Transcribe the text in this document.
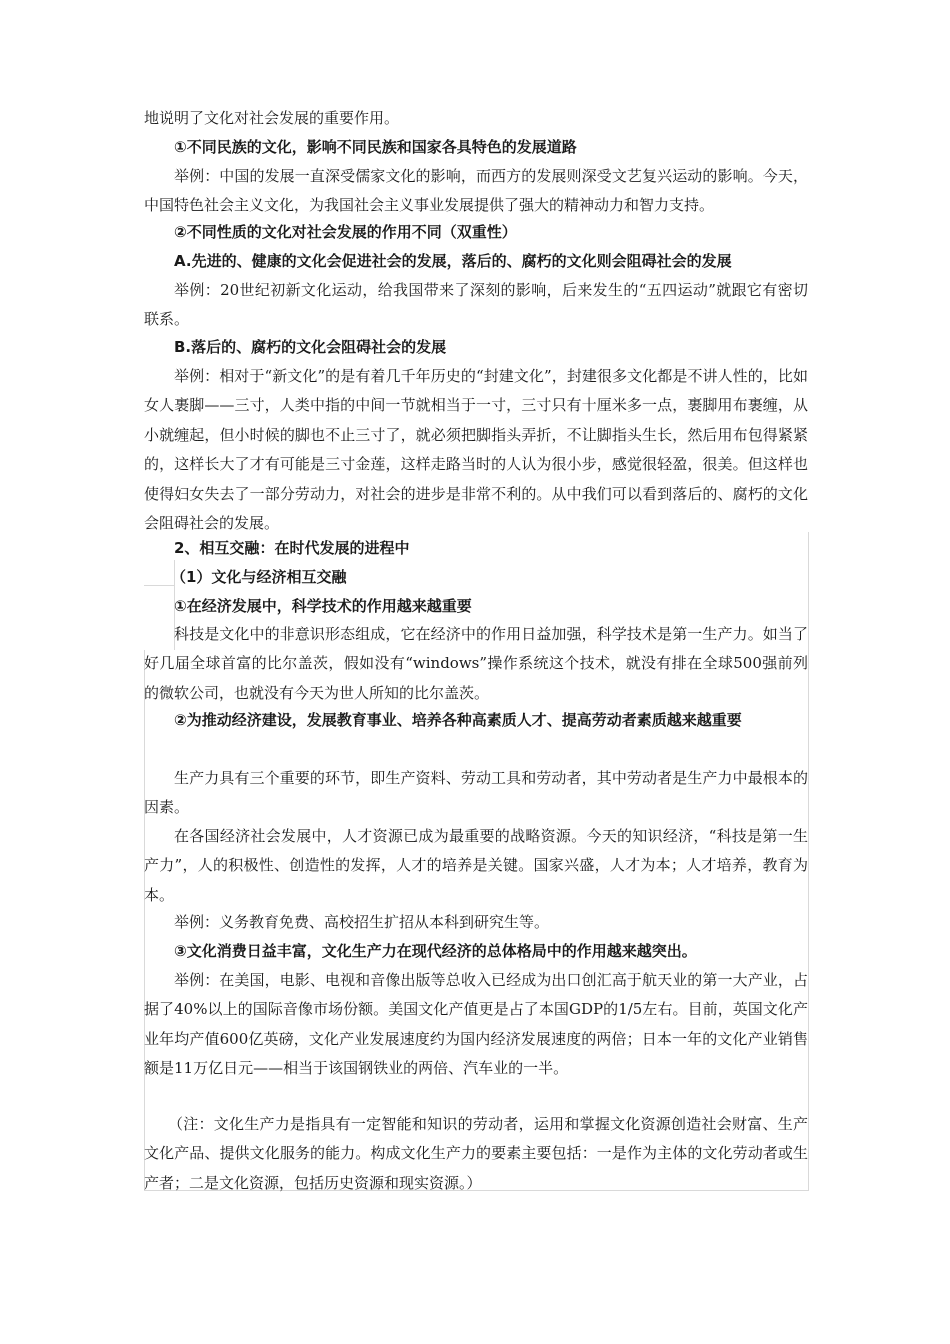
地说明了文化对社会发展的重要作用。

①不同民族的文化，影响不同民族和国家各具特色的发展道路

举例：中国的发展一直深受儒家文化的影响，而西方的发展则深受文艺复兴运动的影响。今天，中国特色社会主义文化，为我国社会主义事业发展提供了强大的精神动力和智力支持。

②不同性质的文化对社会发展的作用不同（双重性）

A.先进的、健康的文化会促进社会的发展，落后的、腐朽的文化则会阻碍社会的发展

举例：20世纪初新文化运动，给我国带来了深刻的影响，后来发生的“五四运动”就跟它有密切联系。

B.落后的、腐朽的文化会阻碍社会的发展

举例：相对于“新文化”的是有着几千年历史的“封建文化”，封建很多文化都是不讲人性的，比如女人裹脚——三寸，人类中指的中间一节就相当于一寸，三寸只有十厘米多一点，裹脚用布裹缠，从小就缠起，但小时候的脚也不止三寸了，就必须把脚指头弄折，不让脚指头生长，然后用布包得紧紧的，这样长大了才有可能是三寸金莲，这样走路当时的人认为很小步，感觉很轻盈，很美。但这样也使得妇女失去了一部分劳动力，对社会的进步是非常不利的。从中我们可以看到落后的、腐朽的文化会阻碍社会的发展。

2、相互交融：在时代发展的进程中

（1）文化与经济相互交融

①在经济发展中，科学技术的作用越来越重要

科技是文化中的非意识形态组成，它在经济中的作用日益加强，科学技术是第一生产力。如当了好几届全球首富的比尔盖茨，假如没有“windows”操作系统这个技术，就没有排在全球500强前列的微软公司，也就没有今天为世人所知的比尔盖茨。

②为推动经济建设，发展教育事业、培养各种高素质人才、提高劳动者素质越来越重要

生产力具有三个重要的环节，即生产资料、劳动工具和劳动者，其中劳动者是生产力中最根本的因素。

在各国经济社会发展中，人才资源已成为最重要的战略资源。今天的知识经济，“科技是第一生产力”，人的积极性、创造性的发挥，人才的培养是关键。国家兴盛，人才为本；人才培养，教育为本。

举例：义务教育免费、高校招生扩招从本科到研究生等。

③文化消费日益丰富，文化生产力在现代经济的总体格局中的作用越来越突出。

举例：在美国，电影、电视和音像出版等总收入已经成为出口创汇高于航天业的第一大产业，占据了40%以上的国际音像市场份额。美国文化产值更是占了本国GDP的1/5左右。目前，英国文化产业年均产值600亿英磅，文化产业发展速度约为国内经济发展速度的两倍；日本一年的文化产业销售额是11万亿日元——相当于该国钢铁业的两倍、汽车业的一半。

（注：文化生产力是指具有一定智能和知识的劳动者，运用和掌握文化资源创造社会财富、生产文化产品、提供文化服务的能力。构成文化生产力的要素主要包括：一是作为主体的文化劳动者或生产者；二是文化资源，包括历史资源和现实资源。）
